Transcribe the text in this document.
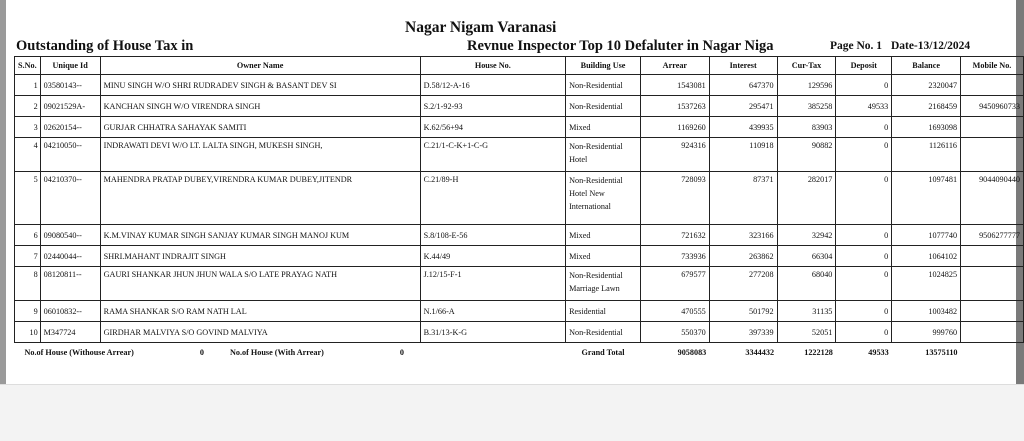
Nagar Nigam Varanasi
Outstanding of House Tax in	Revnue Inspector Top 10 Defaluter in Nagar Niga	Page No. 1 Date-13/12/2024
S.No.	Unique Id	Owner Name	House No.	Building Use	Arrear	Interest	Cur-Tax	Deposit	Balance	Mobile No.
1	03580143--	MINU SINGH W/O SHRI RUDRADEV SINGH & BASANT DEV SI	D.58/12-A-16	Non-Residential	1543081	647370	129596	0	2320047	
2	09021529A-	KANCHAN SINGH W/O VIRENDRA SINGH	S.2/1-92-93	Non-Residential	1537263	295471	385258	49533	2168459	9450960733
3	02620154--	GURJAR CHHATRA SAHAYAK SAMITI	K.62/56+94	Mixed	1169260	439935	83903	0	1693098	
4	04210050--	INDRAWATI DEVI W/O LT. LALTA SINGH, MUKESH SINGH,	C.21/1-C-K+1-C-G	Non-Residential Hotel	924316	110918	90882	0	1126116	
5	04210370--	MAHENDRA PRATAP DUBEY,VIRENDRA KUMAR DUBEY,JITENDR	C.21/89-H	Non-Residential Hotel New International	728093	87371	282017	0	1097481	9044090440
6	09080540--	K.M.VINAY KUMAR SINGH SANJAY KUMAR SINGH MANOJ KUM	S.8/108-E-56	Mixed	721632	323166	32942	0	1077740	9506277777
7	02440044--	SHRI.MAHANT INDRAJIT SINGH	K.44/49	Mixed	733936	263862	66304	0	1064102	
8	08120811--	GAURI SHANKAR JHUN JHUN WALA S/O LATE PRAYAG NATH	J.12/15-F-1	Non-Residential Marriage Lawn	679577	277208	68040	0	1024825	
9	06010832--	RAMA SHANKAR S/O RAM NATH LAL	N.1/66-A	Residential	470555	501792	31135	0	1003482	
10	M347724	GIRDHAR MALVIYA S/O GOVIND MALVIYA	B.31/13-K-G	Non-Residential	550370	397339	52051	0	999760	
No.of House (Withouse Arrear) 0 No.of House (With Arrear) 0				Grand Total	9058083	3344432	1222128	49533	13575110	
